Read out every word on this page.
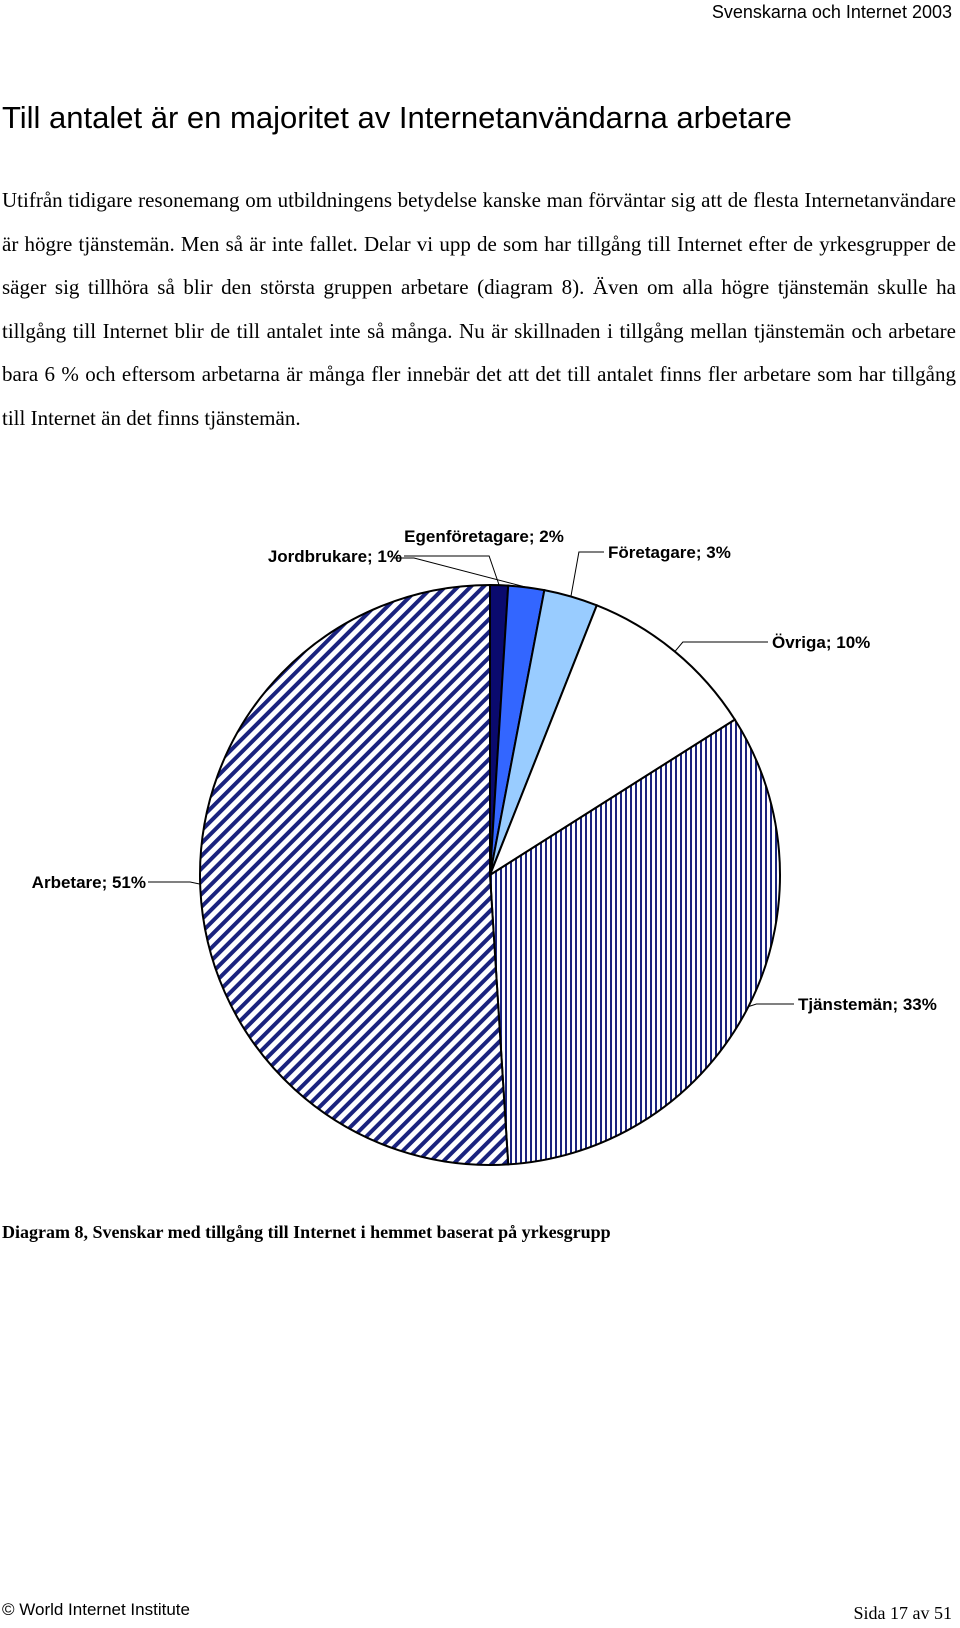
Svenskarna och Internet 2003
Till antalet är en majoritet av Internetanvändarna arbetare

Utifrån tidigare resonemang om utbildningens betydelse kanske man förväntar sig att de flesta Internetanvändare är högre tjänstemän. Men så är inte fallet. Delar vi upp de som har tillgång till Internet efter de yrkesgrupper de säger sig tillhöra så blir den största gruppen arbetare (diagram 8). Även om alla högre tjänstemän skulle ha tillgång till Internet blir de till antalet inte så många. Nu är skillnaden i tillgång mellan tjänstemän och arbetare bara 6 % och eftersom arbetarna är många fler innebär det att det till antalet finns fler arbetare som har tillgång till Internet än det finns tjänstemän.

Jordbrukare; 1%
Egenföretagare; 2%
Företagare; 3%
Övriga; 10%
Tjänstemän; 33%
Arbetare; 51%

Diagram 8, Svenskar med tillgång till Internet i hemmet baserat på yrkesgrupp

© World Internet Institute	Sida 17 av 51
